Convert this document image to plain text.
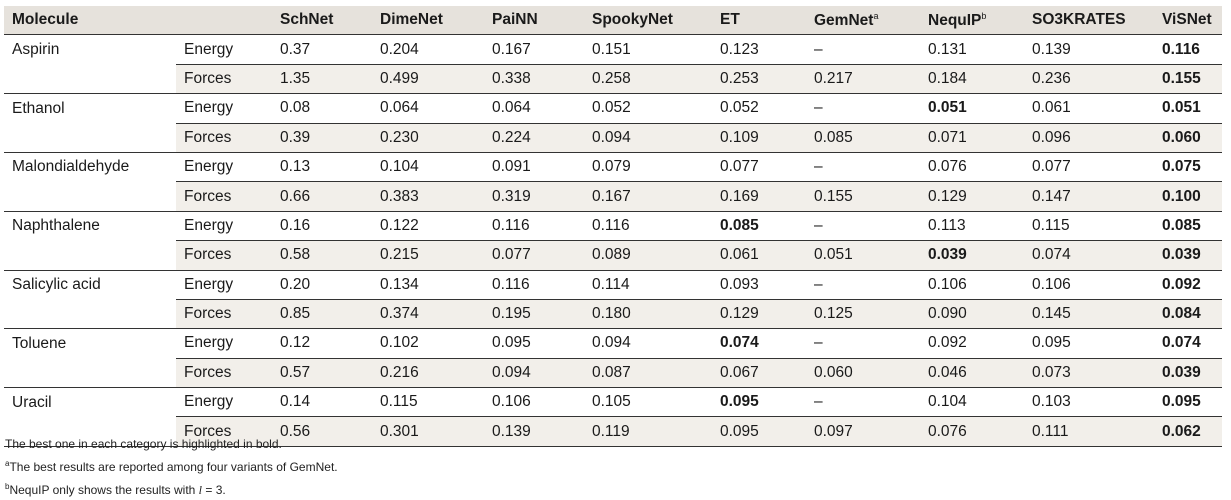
Molecule		SchNet	DimeNet	PaiNN	SpookyNet	ET	GemNet$^a$	NequIP$^b$	SO3KRATES	ViSNet
Aspirin	Energy	0.37	0.204	0.167	0.151	0.123	–	0.131	0.139	0.116
	Forces	1.35	0.499	0.338	0.258	0.253	0.217	0.184	0.236	0.155
Ethanol	Energy	0.08	0.064	0.064	0.052	0.052	–	0.051	0.061	0.051
	Forces	0.39	0.230	0.224	0.094	0.109	0.085	0.071	0.096	0.060
Malondialdehyde	Energy	0.13	0.104	0.091	0.079	0.077	–	0.076	0.077	0.075
	Forces	0.66	0.383	0.319	0.167	0.169	0.155	0.129	0.147	0.100
Naphthalene	Energy	0.16	0.122	0.116	0.116	0.085	–	0.113	0.115	0.085
	Forces	0.58	0.215	0.077	0.089	0.061	0.051	0.039	0.074	0.039
Salicylic acid	Energy	0.20	0.134	0.116	0.114	0.093	–	0.106	0.106	0.092
	Forces	0.85	0.374	0.195	0.180	0.129	0.125	0.090	0.145	0.084
Toluene	Energy	0.12	0.102	0.095	0.094	0.074	–	0.092	0.095	0.074
	Forces	0.57	0.216	0.094	0.087	0.067	0.060	0.046	0.073	0.039
Uracil	Energy	0.14	0.115	0.106	0.105	0.095	–	0.104	0.103	0.095
	Forces	0.56	0.301	0.139	0.119	0.095	0.097	0.076	0.111	0.062
The best one in each category is highlighted in bold.
$^a$The best results are reported among four variants of GemNet.
$^b$NequIP only shows the results with l = 3.
